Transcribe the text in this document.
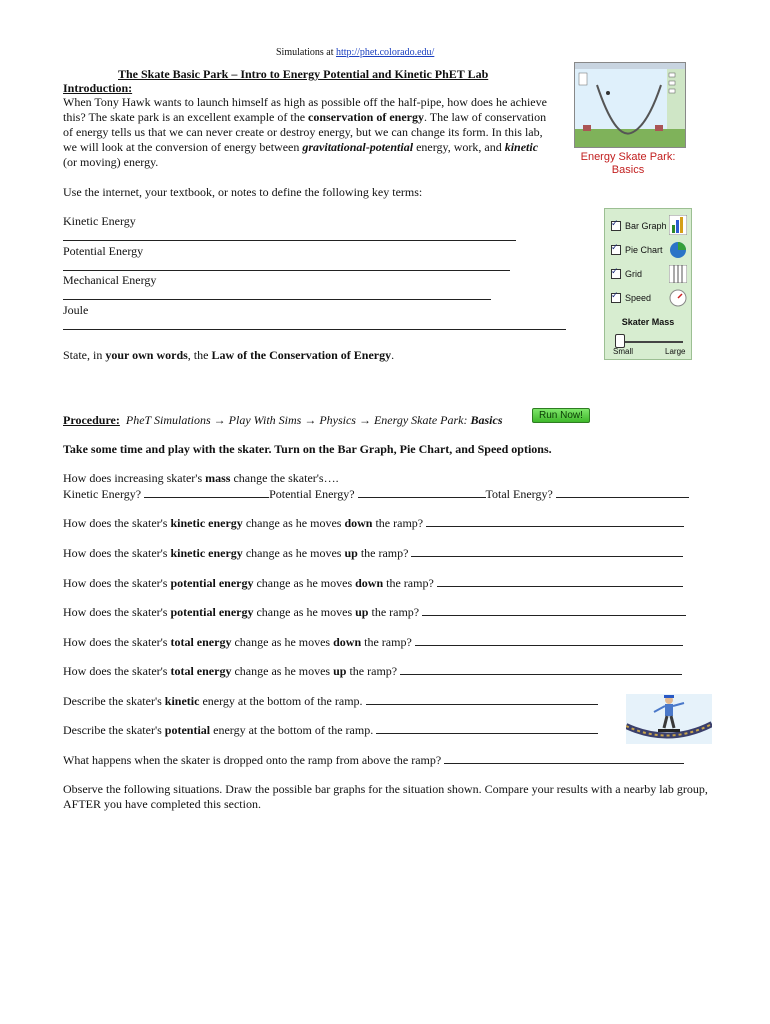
Simulations at http://phet.colorado.edu/
The Skate Basic Park – Intro to Energy Potential and Kinetic PhET Lab
Introduction:
When Tony Hawk wants to launch himself as high as possible off the half-pipe, how does he achieve this? The skate park is an excellent example of the conservation of energy. The law of conservation of energy tells us that we can never create or destroy energy, but we can change its form. In this lab, we will look at the conversion of energy between gravitational-potential energy, work, and kinetic (or moving) energy.	Energy Skate Park:
Basics
Use the internet, your textbook, or notes to define the following key terms:
Kinetic Energy
Potential Energy
Mechanical Energy
Joule
State, in your own words, the Law of the Conservation of Energy.
✓
Bar Graph
✓
Pie Chart
✓
Grid
✓
Speed
Skater Mass
Small	Large
Procedure: PheT Simulations → Play With Sims → Physics → Energy Skate Park: Basics	Run Now!
Take some time and play with the skater. Turn on the Bar Graph, Pie Chart, and Speed options.
How does increasing skater's mass change the skater's….
Kinetic Energy?	Potential Energy?	Total Energy?
How does the skater's kinetic energy change as he moves down the ramp?
How does the skater's kinetic energy change as he moves up the ramp?
How does the skater's potential energy change as he moves down the ramp?
How does the skater's potential energy change as he moves up the ramp?
How does the skater's total energy change as he moves down the ramp?
How does the skater's total energy change as he moves up the ramp?
Describe the skater's kinetic energy at the bottom of the ramp.
Describe the skater's potential energy at the bottom of the ramp.
What happens when the skater is dropped onto the ramp from above the ramp?
Observe the following situations. Draw the possible bar graphs for the situation shown. Compare your results with a nearby lab group, AFTER you have completed this section.
